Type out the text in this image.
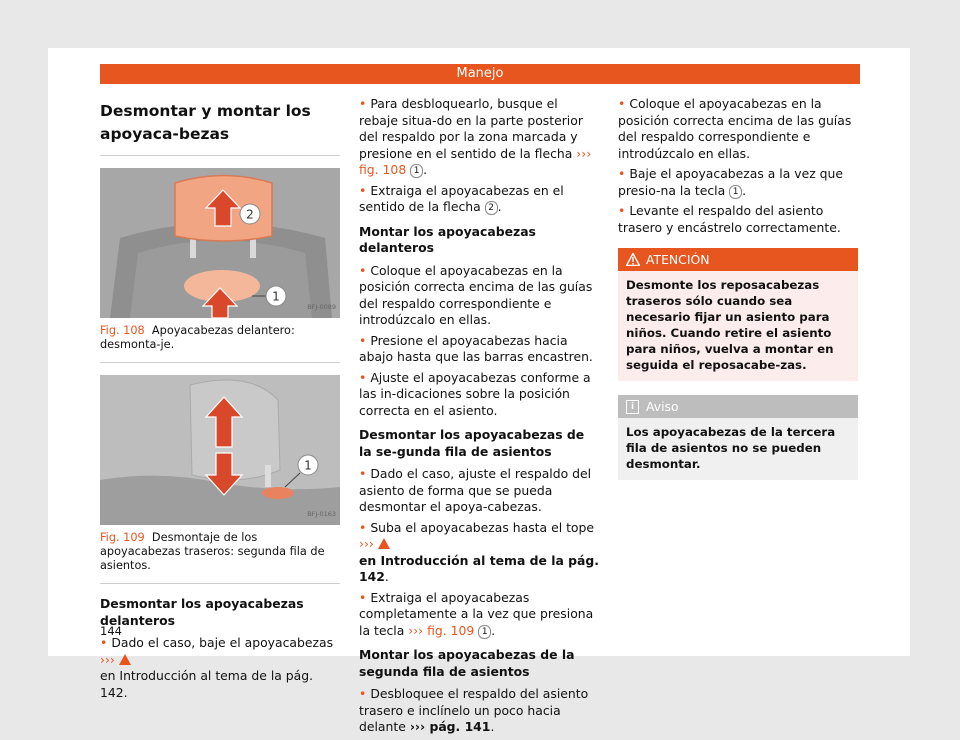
Manejo
Desmontar y montar los apoyaca-bezas
2
1
BFJ-0089

Fig. 108 Apoyacabezas delantero: desmonta-je.

1
BFJ-0163

Fig. 109 Desmontaje de los apoyacabezas traseros: segunda fila de asientos.

Desmontar los apoyacabezas delanteros

• Dado el caso, baje el apoyacabezas ›››
en Introducción al tema de la pág. 142.

• Para desbloquearlo, busque el rebaje situa-do en la parte posterior del respaldo por la zona marcada y presione en el sentido de la flecha ››› fig. 108 1 .

• Extraiga el apoyacabezas en el sentido de la flecha 2 .

Montar los apoyacabezas delanteros

• Coloque el apoyacabezas en la posición correcta encima de las guías del respaldo correspondiente e introdúzcalo en ellas.

• Presione el apoyacabezas hacia abajo hasta que las barras encastren.

• Ajuste el apoyacabezas conforme a las in-dicaciones sobre la posición correcta en el asiento.

Desmontar los apoyacabezas de la se-gunda fila de asientos

• Dado el caso, ajuste el respaldo del asiento de forma que se pueda desmontar el apoya-cabezas.

• Suba el apoyacabezas hasta el tope ›››
en Introducción al tema de la pág. 142.

• Extraiga el apoyacabezas completamente a la vez que presiona la tecla ››› fig. 109 1 .

Montar los apoyacabezas de la segunda fila de asientos

• Desbloquee el respaldo del asiento trasero e inclínelo un poco hacia delante ››› pág. 141.

• Coloque el apoyacabezas en la posición correcta encima de las guías del respaldo correspondiente e introdúzcalo en ellas.

• Baje el apoyacabezas a la vez que presio-na la tecla 1 .

• Levante el respaldo del asiento trasero y encástrelo correctamente.

ATENCIÓN
Desmonte los reposacabezas traseros sólo cuando sea necesario fijar un asiento para niños. Cuando retire el asiento para niños, vuelva a montar en seguida el reposacabe-zas.
i Aviso
Los apoyacabezas de la tercera fila de asientos no se pueden desmontar.
144
